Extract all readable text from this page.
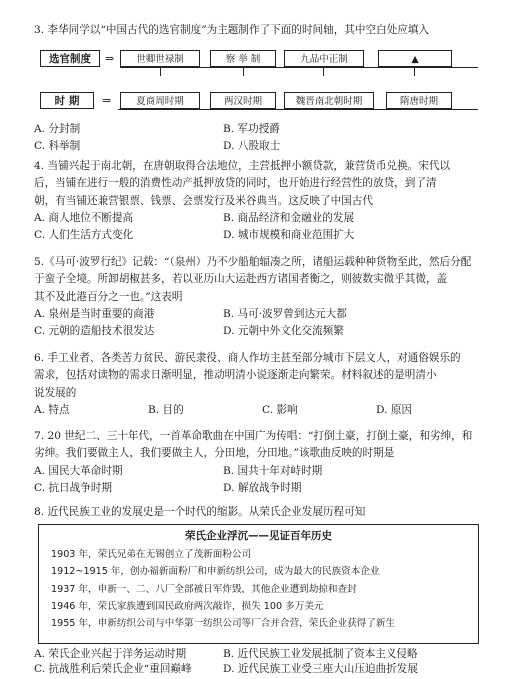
3. 李华同学以“中国古代的选官制度”为主题制作了下面的时间轴，其中空白处应填入
选官制度	⇒	世卿世禄制	察 举 制	九品中正制	▲
时 期	⇒	夏商周时期	两汉时期	魏晋南北朝时期	隋唐时期
A. 分封制	B. 军功授爵
C. 科举制	D. 八股取士
4. 当铺兴起于南北朝，在唐朝取得合法地位，主营抵押小额贷款，兼营货币兑换。宋代以
后，当铺在进行一般的消费性动产抵押放贷的同时，也开始进行经营性的放贷，到了清
朝，有当铺还兼营银票、钱票、会票发行及米谷典当。这反映了中国古代
A. 商人地位不断提高	B. 商品经济和金融业的发展
C. 人们生活方式变化	D. 城市规模和商业范围扩大
5.《马可·波罗行纪》记载：“（泉州）乃不少船舶辐凑之所，诸船运载种种货物至此，然后分配
于蛮子全境。所卸胡椒甚多，若以亚历山大运赴西方诸国者衡之，则彼数实微乎其微，盖
其不及此港百分之一也。”这表明
A. 泉州是当时重要的商港	B. 马可·波罗曾到达元大都
C. 元朝的造船技术很发达	D. 元朝中外文化交流频繁
6. 手工业者、各类苦力贫民、游民隶役、商人作坊主甚至部分城市下层文人，对通俗娱乐的
需求，包括对读物的需求日渐明显，推动明清小说逐渐走向繁荣。材料叙述的是明清小
说发展的
A. 特点	B. 目的	C. 影响	D. 原因
7. 20 世纪二、三十年代，一首革命歌曲在中国广为传唱：“打倒土豪，打倒土豪，和劣绅，和
劣绅。我们要做主人，我们要做主人，分田地，分田地。”该歌曲反映的时期是
A. 国民大革命时期	B. 国共十年对峙时期
C. 抗日战争时期	D. 解放战争时期
8. 近代民族工业的发展史是一个时代的缩影。从荣氏企业发展历程可知
荣氏企业浮沉——见证百年历史
1903 年，荣氏兄弟在无锡创立了茂新面粉公司
1912~1915 年，创办福新面粉厂和申新纺织公司，成为最大的民族资本企业
1937 年，申新一、二、八厂全部被日军炸毁，其他企业遭到劫掠和查封
1946 年，荣氏家族遭到国民政府两次敲诈，损失 100 多万美元
1955 年，申新纺织公司与中华第一纺织公司等厂合并合营，荣氏企业获得了新生
A. 荣氏企业兴起于洋务运动时期	B. 近代民族工业发展抵制了资本主义侵略
C. 抗战胜利后荣氏企业“重回巅峰	D. 近代民族工业受三座大山压迫曲折发展
